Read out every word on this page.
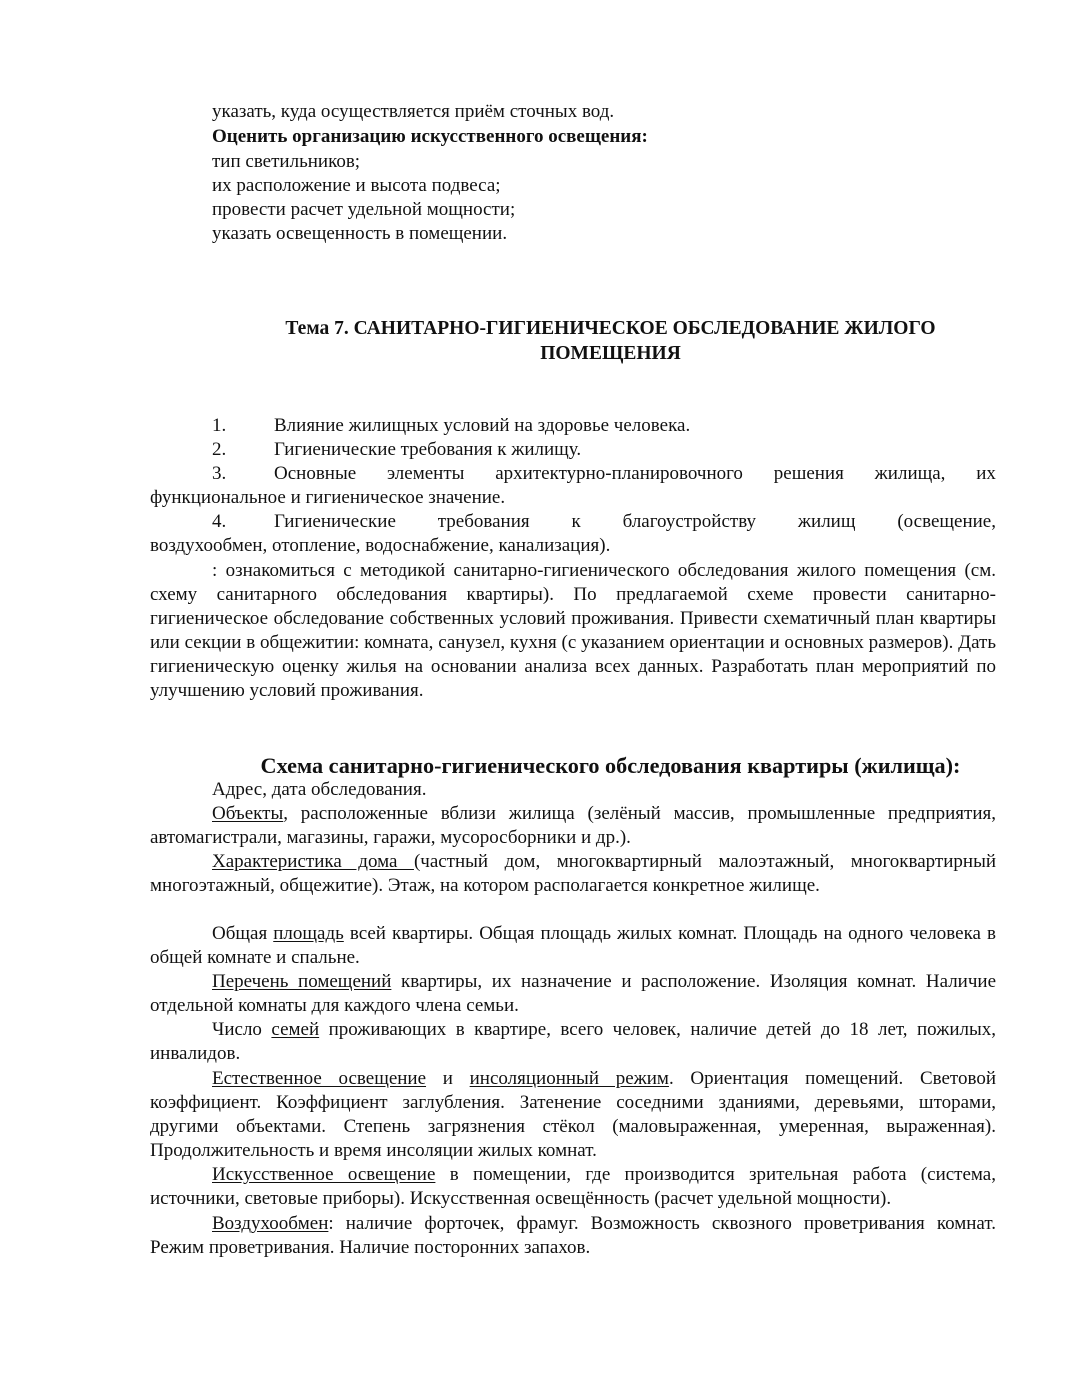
указать, куда осуществляется приём сточных вод.

Оценить организацию искусственного освещения:

тип светильников;

их расположение и высота подвеса;

провести расчет удельной мощности;

указать освещенность в помещении.

Тема 7. САНИТАРНО-ГИГИЕНИЧЕСКОЕ ОБСЛЕДОВАНИЕ ЖИЛОГО
ПОМЕЩЕНИЯ
1.	Влияние жилищных условий на здоровье человека.
2.	Гигиенические требования к жилищу.
3.	Основные элементы архитектурно-планировочного решения жилища, их
функциональное и гигиеническое значение.
4.	Гигиенические требования к благоустройству жилищ (освещение,
воздухообмен, отопление, водоснабжение, канализация).

: ознакомиться с методикой санитарно-гигиенического обследования жилого помещения (см. схему санитарного обследования квартиры). По предлагаемой схеме провести санитарно-гигиеническое обследование собственных условий проживания. Привести схематичный план квартиры или секции в общежитии: комната, санузел, кухня (с указанием ориентации и основных размеров). Дать гигиеническую оценку жилья на основании анализа всех данных. Разработать план мероприятий по улучшению условий проживания.

Схема санитарно-гигиенического обследования квартиры (жилища):

Адрес, дата обследования.

Объекты, расположенные вблизи жилища (зелёный массив, промышленные предприятия, автомагистрали, магазины, гаражи, мусоросборники и др.).

Характеристика дома (частный дом, многоквартирный малоэтажный, многоквартирный многоэтажный, общежитие). Этаж, на котором располагается конкретное жилище.

Общая площадь всей квартиры. Общая площадь жилых комнат. Площадь на одного человека в общей комнате и спальне.

Перечень помещений квартиры, их назначение и расположение. Изоляция комнат. Наличие отдельной комнаты для каждого члена семьи.

Число семей проживающих в квартире, всего человек, наличие детей до 18 лет, пожилых, инвалидов.

Естественное освещение и инсоляционный режим. Ориентация помещений. Световой коэффициент. Коэффициент заглубления. Затенение соседними зданиями, деревьями, шторами, другими объектами. Степень загрязнения стёкол (маловыраженная, умеренная, выраженная). Продолжительность и время инсоляции жилых комнат.

Искусственное освещение в помещении, где производится зрительная работа (система, источники, световые приборы). Искусственная освещённость (расчет удельной мощности).

Воздухообмен: наличие форточек, фрамуг. Возможность сквозного проветривания комнат. Режим проветривания. Наличие посторонних запахов.
